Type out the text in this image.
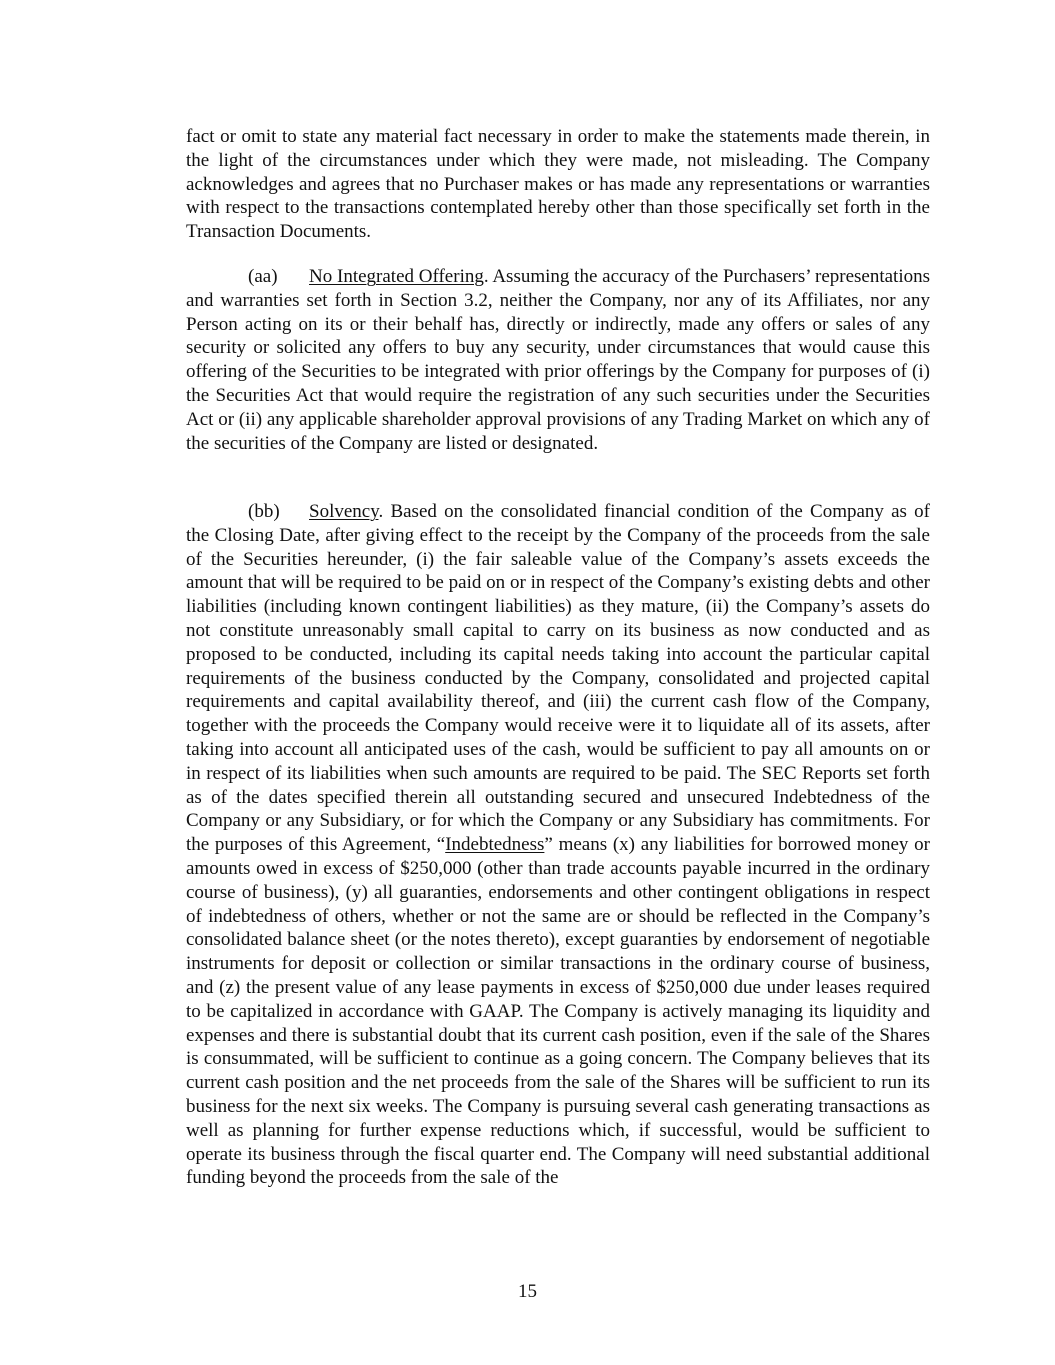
fact or omit to state any material fact necessary in order to make the statements made therein, in the light of the circumstances under which they were made, not misleading. The Company acknowledges and agrees that no Purchaser makes or has made any representations or warranties with respect to the transactions contemplated hereby other than those specifically set forth in the Transaction Documents.

(aa) No Integrated Offering. Assuming the accuracy of the Purchasers’ representations and warranties set forth in Section 3.2, neither the Company, nor any of its Affiliates, nor any Person acting on its or their behalf has, directly or indirectly, made any offers or sales of any security or solicited any offers to buy any security, under circumstances that would cause this offering of the Securities to be integrated with prior offerings by the Company for purposes of (i) the Securities Act that would require the registration of any such securities under the Securities Act or (ii) any applicable shareholder approval provisions of any Trading Market on which any of the securities of the Company are listed or designated.

(bb) Solvency. Based on the consolidated financial condition of the Company as of the Closing Date, after giving effect to the receipt by the Company of the proceeds from the sale of the Securities hereunder, (i) the fair saleable value of the Company’s assets exceeds the amount that will be required to be paid on or in respect of the Company’s existing debts and other liabilities (including known contingent liabilities) as they mature, (ii) the Company’s assets do not constitute unreasonably small capital to carry on its business as now conducted and as proposed to be conducted, including its capital needs taking into account the particular capital requirements of the business conducted by the Company, consolidated and projected capital requirements and capital availability thereof, and (iii) the current cash flow of the Company, together with the proceeds the Company would receive were it to liquidate all of its assets, after taking into account all anticipated uses of the cash, would be sufficient to pay all amounts on or in respect of its liabilities when such amounts are required to be paid. The SEC Reports set forth as of the dates specified therein all outstanding secured and unsecured Indebtedness of the Company or any Subsidiary, or for which the Company or any Subsidiary has commitments. For the purposes of this Agreement, “Indebtedness” means (x) any liabilities for borrowed money or amounts owed in excess of $250,000 (other than trade accounts payable incurred in the ordinary course of business), (y) all guaranties, endorsements and other contingent obligations in respect of indebtedness of others, whether or not the same are or should be reflected in the Company’s consolidated balance sheet (or the notes thereto), except guaranties by endorsement of negotiable instruments for deposit or collection or similar transactions in the ordinary course of business, and (z) the present value of any lease payments in excess of $250,000 due under leases required to be capitalized in accordance with GAAP. The Company is actively managing its liquidity and expenses and there is substantial doubt that its current cash position, even if the sale of the Shares is consummated, will be sufficient to continue as a going concern. The Company believes that its current cash position and the net proceeds from the sale of the Shares will be sufficient to run its business for the next six weeks. The Company is pursuing several cash generating transactions as well as planning for further expense reductions which, if successful, would be sufficient to operate its business through the fiscal quarter end. The Company will need substantial additional funding beyond the proceeds from the sale of the

15
